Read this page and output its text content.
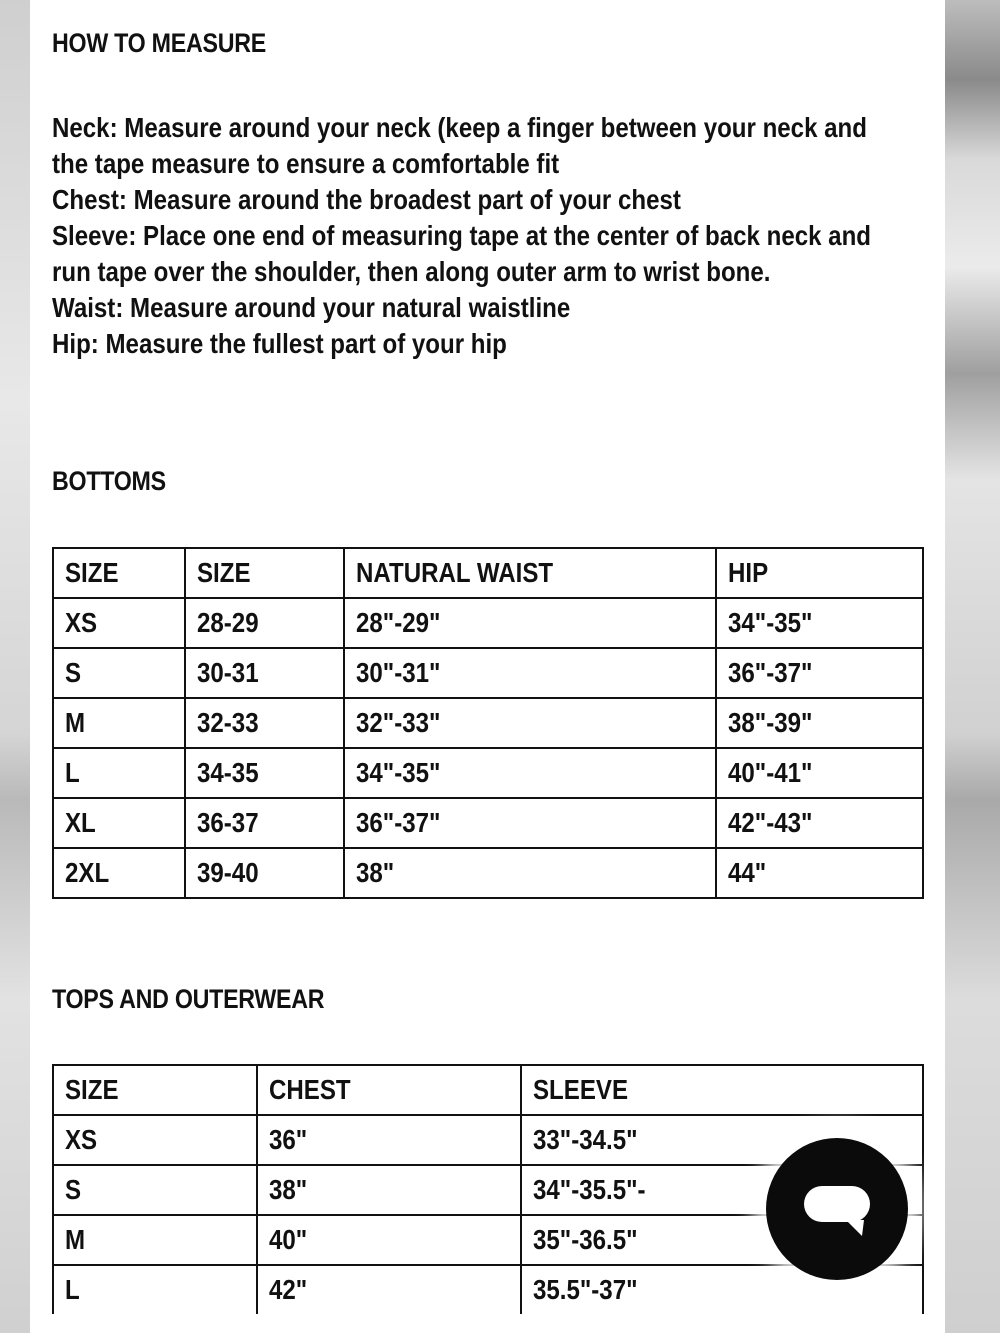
HOW TO MEASURE
Neck: Measure around your neck (keep a finger between your neck and
the tape measure to ensure a comfortable fit
Chest: Measure around the broadest part of your chest
Sleeve: Place one end of measuring tape at the center of back neck and
run tape over the shoulder, then along outer arm to wrist bone.
Waist: Measure around your natural waistline
Hip: Measure the fullest part of your hip
BOTTOMS
SIZE	SIZE	NATURAL WAIST	HIP
XS	28-29	28"-29"	34"-35"
S	30-31	30"-31"	36"-37"
M	32-33	32"-33"	38"-39"
L	34-35	34"-35"	40"-41"
XL	36-37	36"-37"	42"-43"
2XL	39-40	38"	44"
TOPS AND OUTERWEAR
SIZE	CHEST	SLEEVE
XS	36"	33"-34.5"
S	38"	34"-35.5"-
M	40"	35"-36.5"
L	42"	35.5"-37"
